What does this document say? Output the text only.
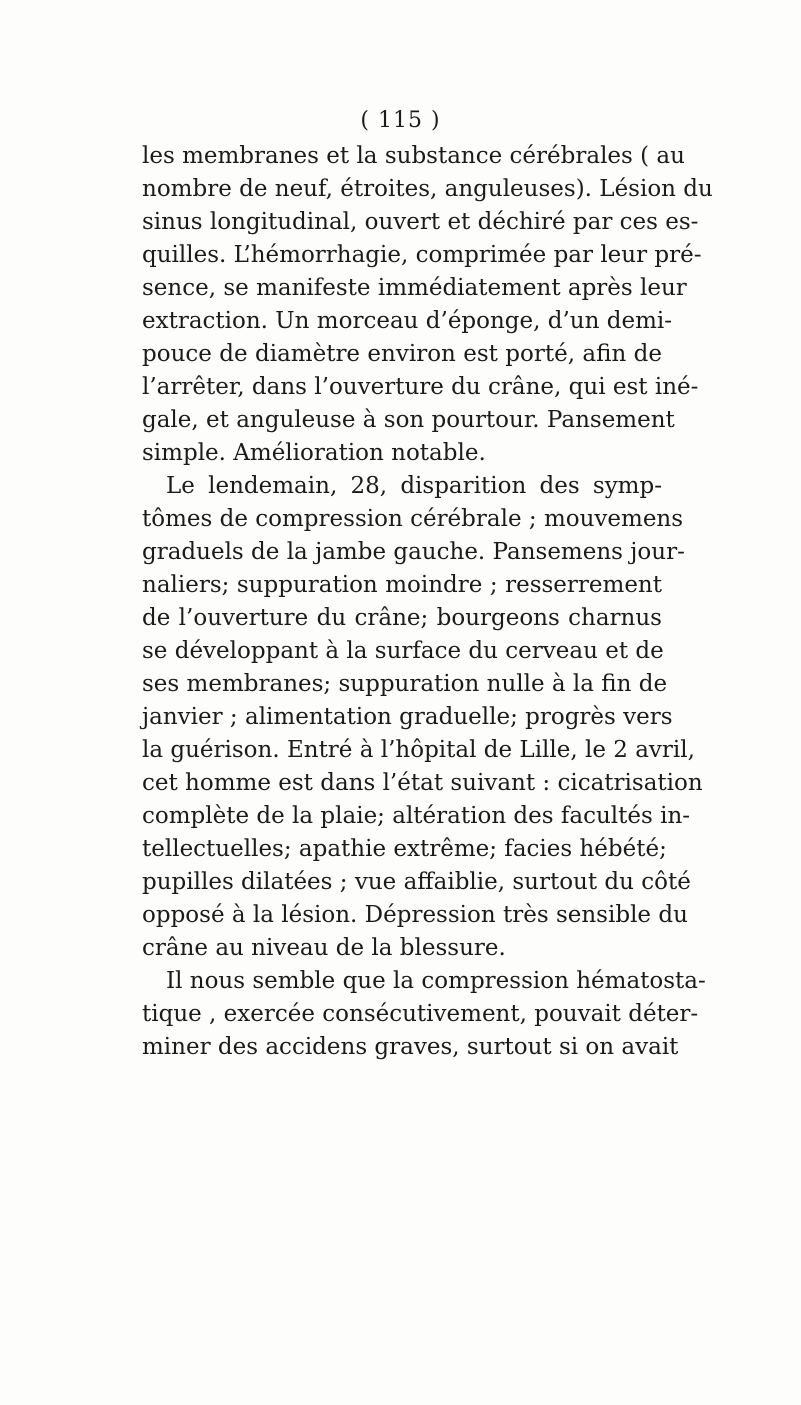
( 115 )
les membranes et la substance cérébrales ( au
nombre de neuf, étroites, anguleuses). Lésion du
sinus longitudinal, ouvert et déchiré par ces es-
quilles. L’hémorrhagie, comprimée par leur pré-
sence, se manifeste immédiatement après leur
extraction. Un morceau d’éponge, d’un demi-
pouce de diamètre environ est porté, afin de
l’arrêter, dans l’ouverture du crâne, qui est iné-
gale, et anguleuse à son pourtour. Pansement
simple. Amélioration notable.
Le lendemain, 28, disparition des symp-
tômes de compression cérébrale ; mouvemens
graduels de la jambe gauche. Pansemens jour-
naliers; suppuration moindre ; resserrement
de l’ouverture du crâne; bourgeons charnus
se développant à la surface du cerveau et de
ses membranes; suppuration nulle à la fin de
janvier ; alimentation graduelle; progrès vers
la guérison. Entré à l’hôpital de Lille, le 2 avril,
cet homme est dans l’état suivant : cicatrisation
complète de la plaie; altération des facultés in-
tellectuelles; apathie extrême; facies hébété;
pupilles dilatées ; vue affaiblie, surtout du côté
opposé à la lésion. Dépression très sensible du
crâne au niveau de la blessure.
Il nous semble que la compression hématosta-
tique , exercée consécutivement, pouvait déter-
miner des accidens graves, surtout si on avait
